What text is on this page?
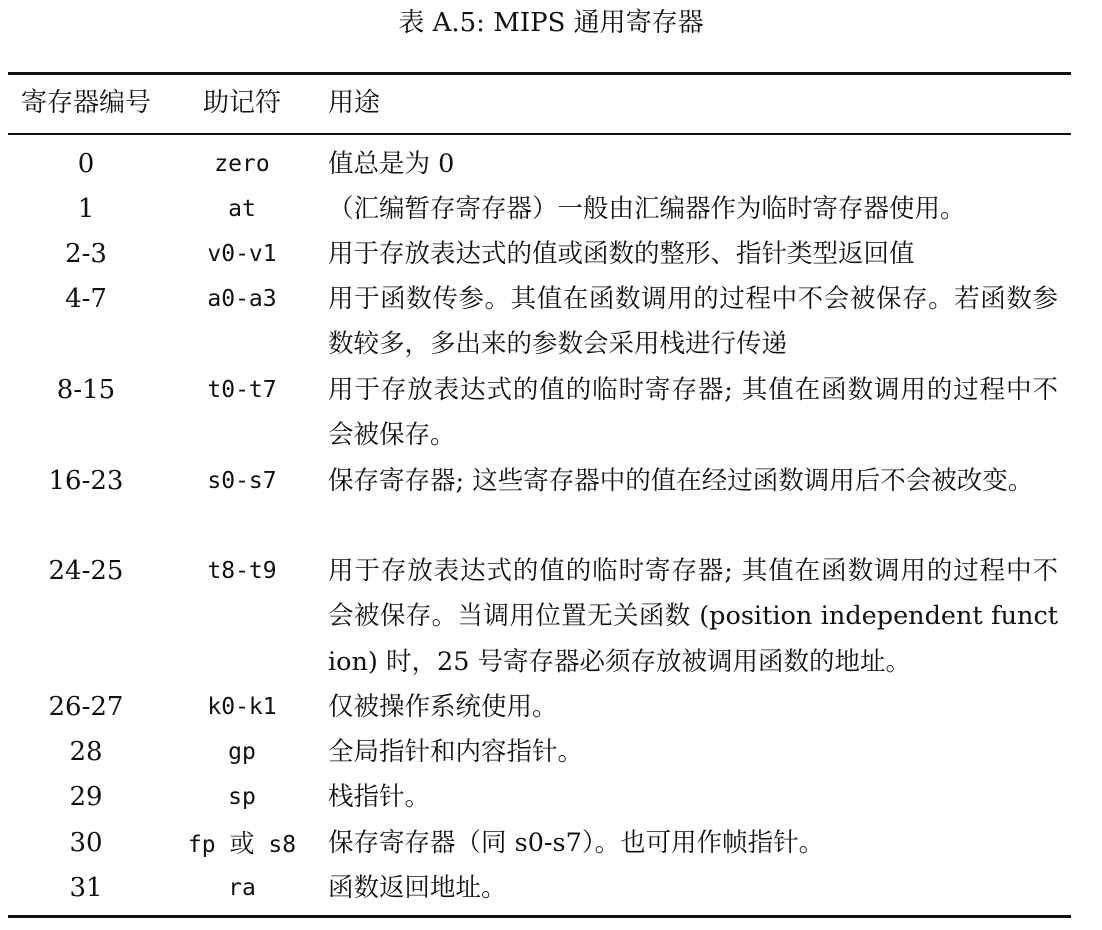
表 A.5: MIPS 通用寄存器
寄存器编号	助记符	用途
0	zero	值总是为 0
1	at	（汇编暂存寄存器）一般由汇编器作为临时寄存器使用。
2-3	v0-v1	用于存放表达式的值或函数的整形、指针类型返回值
4-7	a0-a3	用于函数传参。其值在函数调用的过程中不会被保存。若函数参数较多，多出来的参数会采用栈进行传递
8-15	t0-t7	用于存放表达式的值的临时寄存器; 其值在函数调用的过程中不会被保存。
16-23	s0-s7	保存寄存器; 这些寄存器中的值在经过函数调用后不会被改变。
24-25	t8-t9	用于存放表达式的值的临时寄存器; 其值在函数调用的过程中不会被保存。当调用位置无关函数 (position independent function) 时，25 号寄存器必须存放被调用函数的地址。
26-27	k0-k1	仅被操作系统使用。
28	gp	全局指针和内容指针。
29	sp	栈指针。
30	fp 或 s8	保存寄存器（同 s0-s7）。也可用作帧指针。
31	ra	函数返回地址。
